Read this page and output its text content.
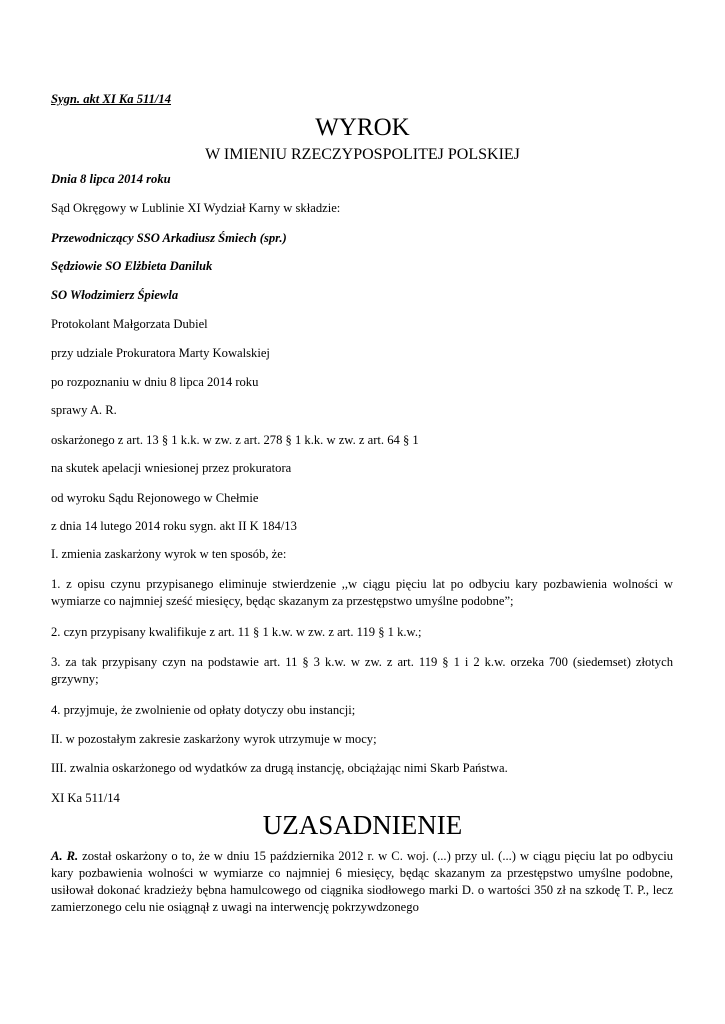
Sygn. akt XI Ka 511/14
WYROK
W IMIENIU RZECZYPOSPOLITEJ POLSKIEJ
Dnia 8 lipca 2014 roku
Sąd Okręgowy w Lublinie XI Wydział Karny w składzie:
Przewodniczący SSO Arkadiusz Śmiech (spr.)
Sędziowie SO Elżbieta Daniluk
SO Włodzimierz Śpiewla
Protokolant Małgorzata Dubiel
przy udziale Prokuratora Marty Kowalskiej
po rozpoznaniu w dniu 8 lipca 2014 roku
sprawy A. R.
oskarżonego z art. 13 § 1 k.k. w zw. z art. 278 § 1 k.k. w zw. z art. 64 § 1
na skutek apelacji wniesionej przez prokuratora
od wyroku Sądu Rejonowego w Chełmie
z dnia 14 lutego 2014 roku sygn. akt II K 184/13
I. zmienia zaskarżony wyrok w ten sposób, że:
1. z opisu czynu przypisanego eliminuje stwierdzenie ,,w ciągu pięciu lat po odbyciu kary pozbawienia wolności w wymiarze co najmniej sześć miesięcy, będąc skazanym za przestępstwo umyślne podobne”;
2. czyn przypisany kwalifikuje z art. 11 § 1 k.w. w zw. z art. 119 § 1 k.w.;
3. za tak przypisany czyn na podstawie art. 11 § 3 k.w. w zw. z art. 119 § 1 i 2 k.w. orzeka 700 (siedemset) złotych grzywny;
4. przyjmuje, że zwolnienie od opłaty dotyczy obu instancji;
II. w pozostałym zakresie zaskarżony wyrok utrzymuje w mocy;
III. zwalnia oskarżonego od wydatków za drugą instancję, obciążając nimi Skarb Państwa.
XI Ka 511/14
UZASADNIENIE
A. R. został oskarżony o to, że w dniu 15 października 2012 r. w C. woj. (...) przy ul. (...) w ciągu pięciu lat po odbyciu kary pozbawienia wolności w wymiarze co najmniej 6 miesięcy, będąc skazanym za przestępstwo umyślne podobne, usiłował dokonać kradzieży bębna hamulcowego od ciągnika siodłowego marki D. o wartości 350 zł na szkodę T. P., lecz zamierzonego celu nie osiągnął z uwagi na interwencję pokrzywdzonego
